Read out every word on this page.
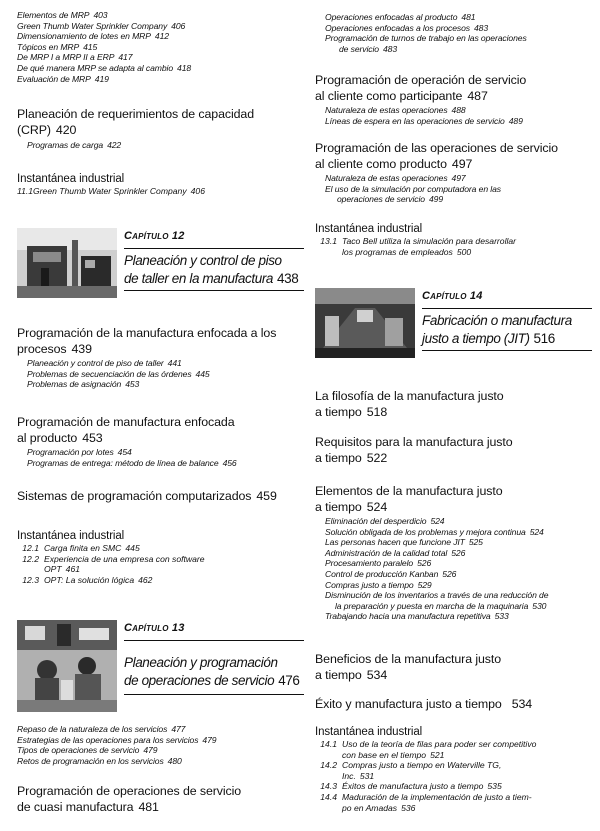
Elementos de MRP 403
Green Thumb Water Sprinkler Company 406
Dimensionamiento de lotes en MRP 412
Tópicos en MRP 415
De MRP I a MRP II a ERP 417
De qué manera MRP se adapta al cambio 418
Evaluación de MRP 419
Planeación de requerimientos de capacidad
(CRP) 420
Programas de carga 422
Instantánea industrial
11.1Green Thumb Water Sprinkler Company 406
Capítulo 12
Planeación y control de piso
de taller en la manufactura 438
Programación de la manufactura enfocada a los
procesos 439
Planeación y control de piso de taller 441
Problemas de secuenciación de las órdenes 445
Problemas de asignación 453
Programación de manufactura enfocada
al producto 453
Programación por lotes 454
Programas de entrega: método de línea de balance 456
Sistemas de programación computarizados 459
Instantánea industrial
12.1 Carga finita en SMC 445
12.2 Experiencia de una empresa con software
OPT 461
12.3 OPT: La solución lógica 462
Capítulo 13
Planeación y programación
de operaciones de servicio 476
Repaso de la naturaleza de los servicios 477
Estrategias de las operaciones para los servicios 479
Tipos de operaciones de servicio 479
Retos de programación en los servicios 480
Programación de operaciones de servicio
de cuasi manufactura 481
Operaciones enfocadas al producto 481
Operaciones enfocadas a los procesos 483
Programación de turnos de trabajo en las operaciones
de servicio 483
Programación de operación de servicio
al cliente como participante 487
Naturaleza de estas operaciones 488
Líneas de espera en las operaciones de servicio 489
Programación de las operaciones de servicio
al cliente como producto 497
Naturaleza de estas operaciones 497
El uso de la simulación por computadora en las
operaciones de servicio 499
Instantánea industrial
13.1 Taco Bell utiliza la simulación para desarrollar
los programas de empleados 500
Capítulo 14
Fabricación o manufactura
justo a tiempo (JIT) 516
La filosofía de la manufactura justo
a tiempo 518
Requisitos para la manufactura justo
a tiempo 522
Elementos de la manufactura justo
a tiempo 524
Eliminación del desperdicio 524
Solución obligada de los problemas y mejora continua 524
Las personas hacen que funcione JIT 525
Administración de la calidad total 526
Procesamiento paralelo 526
Control de producción Kanban 526
Compras justo a tiempo 529
Disminución de los inventarios a través de una reducción de
la preparación y puesta en marcha de la maquinaria 530
Trabajando hacia una manufactura repetitiva 533
Beneficios de la manufactura justo
a tiempo 534
Éxito y manufactura justo a tiempo 534
Instantánea industrial
14.1 Uso de la teoría de filas para poder ser competitivo
con base en el tiempo 521
14.2 Compras justo a tiempo en Waterville TG,
Inc. 531
14.3 Éxitos de manufactura justo a tiempo 535
14.4 Maduración de la implementación de justo a tiem-
po en Amadas 536
